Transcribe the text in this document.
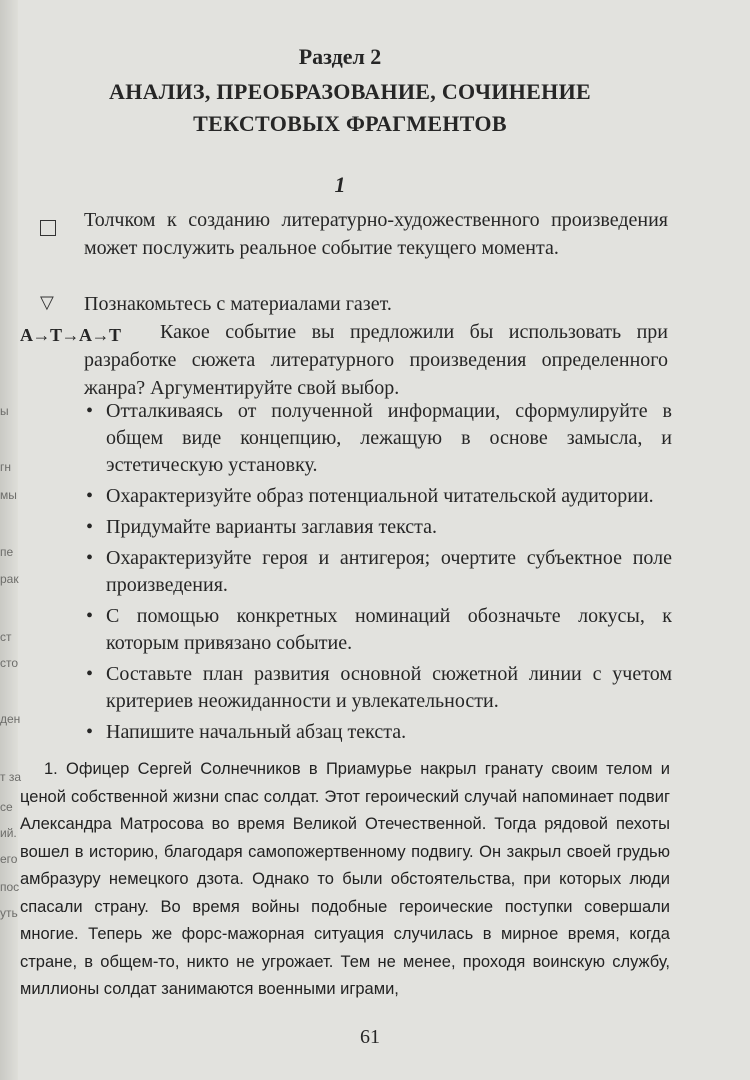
ы
гн
мы
пе
рак
ст
сто
ден
т за
се
ий.
его
пос
уть
Раздел 2
АНАЛИЗ, ПРЕОБРАЗОВАНИЕ, СОЧИНЕНИЕ
ТЕКСТОВЫХ ФРАГМЕНТОВ
1
Толчком к созданию литературно-художественного произведения может послужить реальное событие текущего момента.
▽ Познакомьтесь с материалами газет.
А→Т→А→Т	Какое событие вы предложили бы использовать при разработке сюжета литературного произведения определенного жанра? Аргументируйте свой выбор.
• Отталкиваясь от полученной информации, сформулируйте в общем виде концепцию, лежащую в основе замысла, и эстетическую установку.
• Охарактеризуйте образ потенциальной читательской аудитории.
• Придумайте варианты заглавия текста.
• Охарактеризуйте героя и антигероя; очертите субъектное поле произведения.
• С помощью конкретных номинаций обозначьте локусы, к которым привязано событие.
• Составьте план развития основной сюжетной линии с учетом критериев неожиданности и увлекательности.
• Напишите начальный абзац текста.

1. Офицер Сергей Солнечников в Приамурье накрыл гранату своим телом и ценой собственной жизни спас солдат. Этот героический случай напоминает подвиг Александра Матросова во время Великой Отечественной. Тогда рядовой пехоты вошел в историю, благодаря самопожертвенному подвигу. Он закрыл своей грудью амбразуру немецкого дзота. Однако то были обстоятельства, при которых люди спасали страну. Во время войны подобные героические поступки совершали многие. Теперь же форс-мажорная ситуация случилась в мирное время, когда стране, в общем-то, никто не угрожает. Тем не менее, проходя воинскую службу, миллионы солдат занимаются военными играми,

61
